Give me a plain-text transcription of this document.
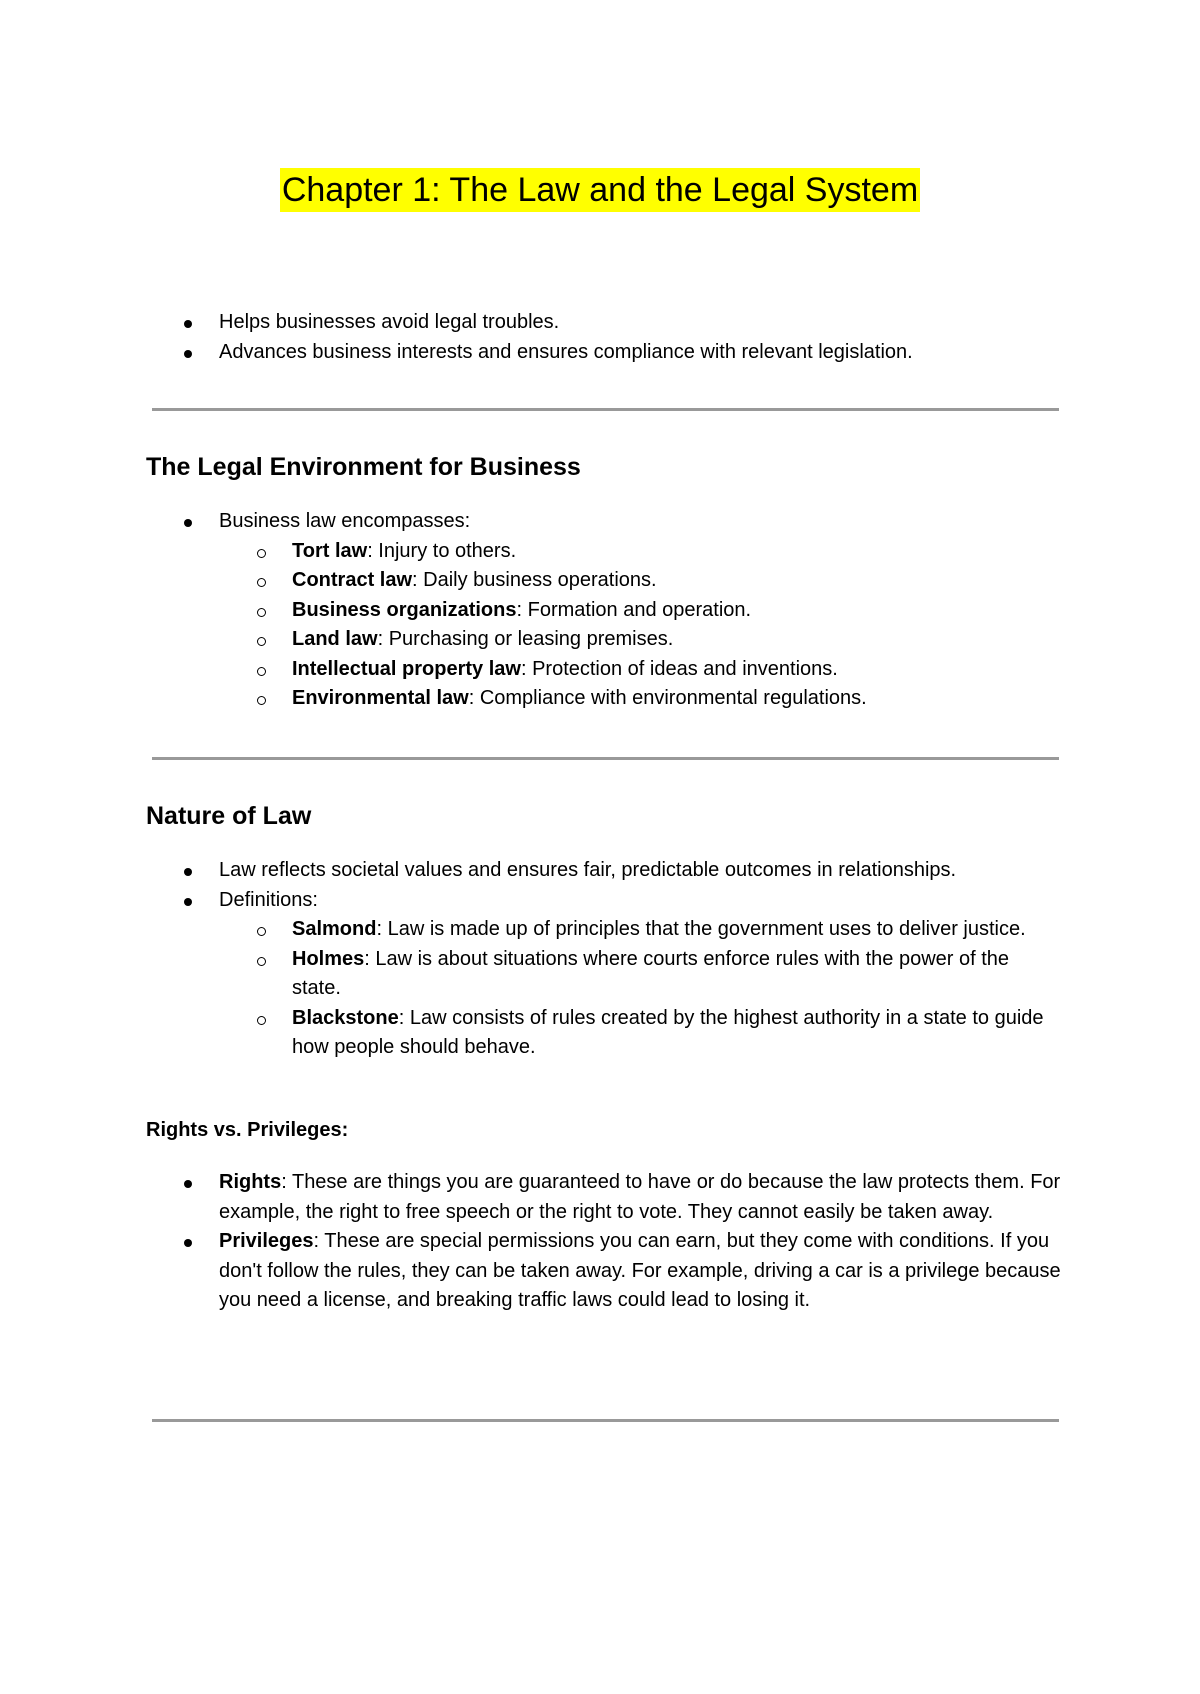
Chapter 1: The Law and the Legal System
Helps businesses avoid legal troubles.
Advances business interests and ensures compliance with relevant legislation.
The Legal Environment for Business
Business law encompasses:
Tort law: Injury to others.
Contract law: Daily business operations.
Business organizations: Formation and operation.
Land law: Purchasing or leasing premises.
Intellectual property law: Protection of ideas and inventions.
Environmental law: Compliance with environmental regulations.
Nature of Law
Law reflects societal values and ensures fair, predictable outcomes in relationships.
Definitions:
Salmond: Law is made up of principles that the government uses to deliver justice.
Holmes: Law is about situations where courts enforce rules with the power of the state.
Blackstone: Law consists of rules created by the highest authority in a state to guide how people should behave.
Rights vs. Privileges:
Rights: These are things you are guaranteed to have or do because the law protects them. For example, the right to free speech or the right to vote. They cannot easily be taken away.
Privileges: These are special permissions you can earn, but they come with conditions. If you don't follow the rules, they can be taken away. For example, driving a car is a privilege because you need a license, and breaking traffic laws could lead to losing it.
